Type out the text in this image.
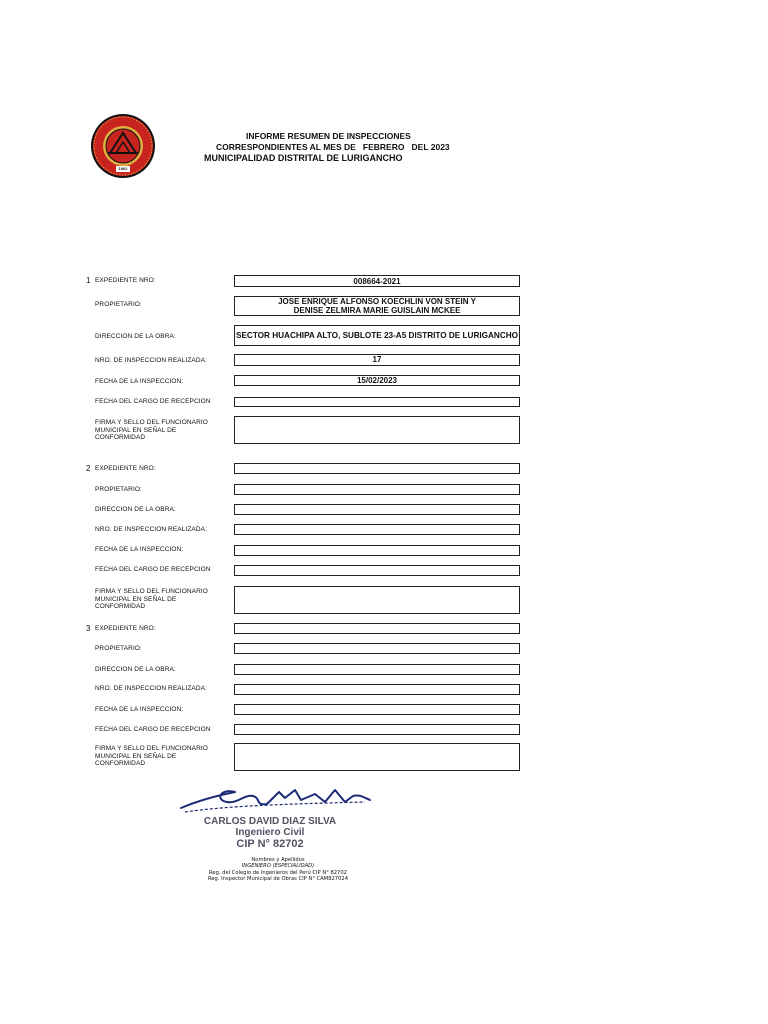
1962
INFORME RESUMEN DE INSPECCIONES
CORRESPONDIENTES AL MES DE   FEBRERO   DEL 2023
MUNICIPALIDAD DISTRITAL DE LURIGANCHO
1 EXPEDIENTE NRO:	008664-2021
PROPIETARIO:	JOSE ENRIQUE ALFONSO KOECHLIN VON STEIN Y
DENISE ZELMIRA MARIE GUISLAIN MCKEE
DIRECCION DE LA OBRA:	SECTOR HUACHIPA ALTO, SUBLOTE 23-A5 DISTRITO DE LURIGANCHO
NRO. DE INSPECCION REALIZADA:	17
FECHA DE LA INSPECCION:	15/02/2023
FECHA DEL CARGO DE RECEPCION
FIRMA Y SELLO DEL FUNCIONARIO
MUNICIPAL EN SEÑAL DE
CONFORMIDAD
2 EXPEDIENTE NRO:
PROPIETARIO:
DIRECCION DE LA OBRA:
NRO. DE INSPECCION REALIZADA:
FECHA DE LA INSPECCION:
FECHA DEL CARGO DE RECEPCION
FIRMA Y SELLO DEL FUNCIONARIO
MUNICIPAL EN SEÑAL DE
CONFORMIDAD
3 EXPEDIENTE NRO:
PROPIETARIO:
DIRECCION DE LA OBRA:
NRO. DE INSPECCION REALIZADA:
FECHA DE LA INSPECCION:
FECHA DEL CARGO DE RECEPCION
FIRMA Y SELLO DEL FUNCIONARIO
MUNICIPAL EN SEÑAL DE
CONFORMIDAD
CARLOS DAVID DIAZ SILVA
Ingeniero Civil
CIP N° 82702
Nombres y Apellidos
INGENIERO (ESPECIALIDAD)
Reg. del Colegio de Ingenieros del Perú CIP N° 82702
Reg. Inspector Municipal de Obras CIP N° CAM827024
